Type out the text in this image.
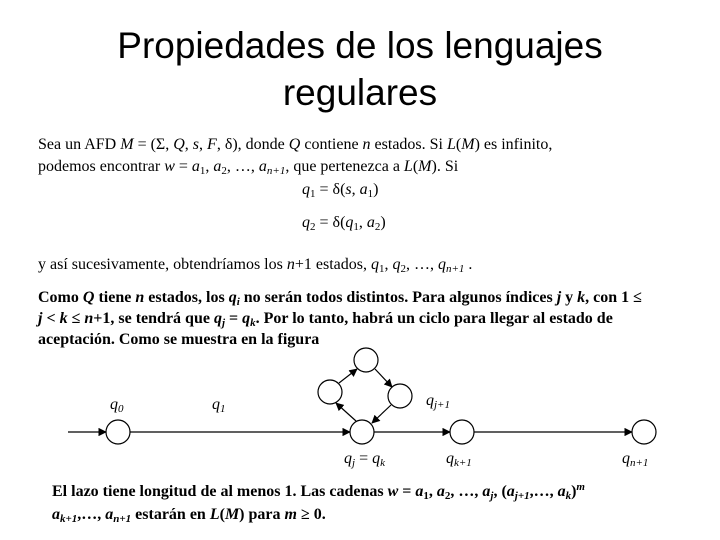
Propiedades de los lenguajes
regulares
Sea un AFD M = (Σ, Q, s, F, δ), donde Q contiene n estados. Si L(M) es infinito,
podemos encontrar $w = a_1$, $a_2$, …, $a_{n+1}$, que pertenezca a L(M). Si
$q_1 = \delta(s$, $a_1$)
$q_2 = \delta(q_1$, $a_2$)
y así sucesivamente, obtendríamos los n+1 estados, $q_1$, $q_2$, …, $q_{n+1}$ .
Como Q tiene n estados, los $q_i$ no serán todos distintos. Para algunos índices j y k, con 1 ≤
j < k ≤ n+1, se tendrá que $q_j = q_k$. Por lo tanto, habrá un ciclo para llegar al estado de
aceptación. Como se muestra en la figura
$q_0$	$q_1$	$q_{j+1}$
$q_j = q_k$	$q_{k+1}$	$q_{n+1}$
El lazo tiene longitud de al menos 1. Las cadenas $w = a_1$, $a_2$, …, $a_j$, ($a_{j+1},\dots$, $a_k)^m$
$a_{k+1},\dots$, $a_{n+1}$ estarán en L(M) para m ≥ 0.
